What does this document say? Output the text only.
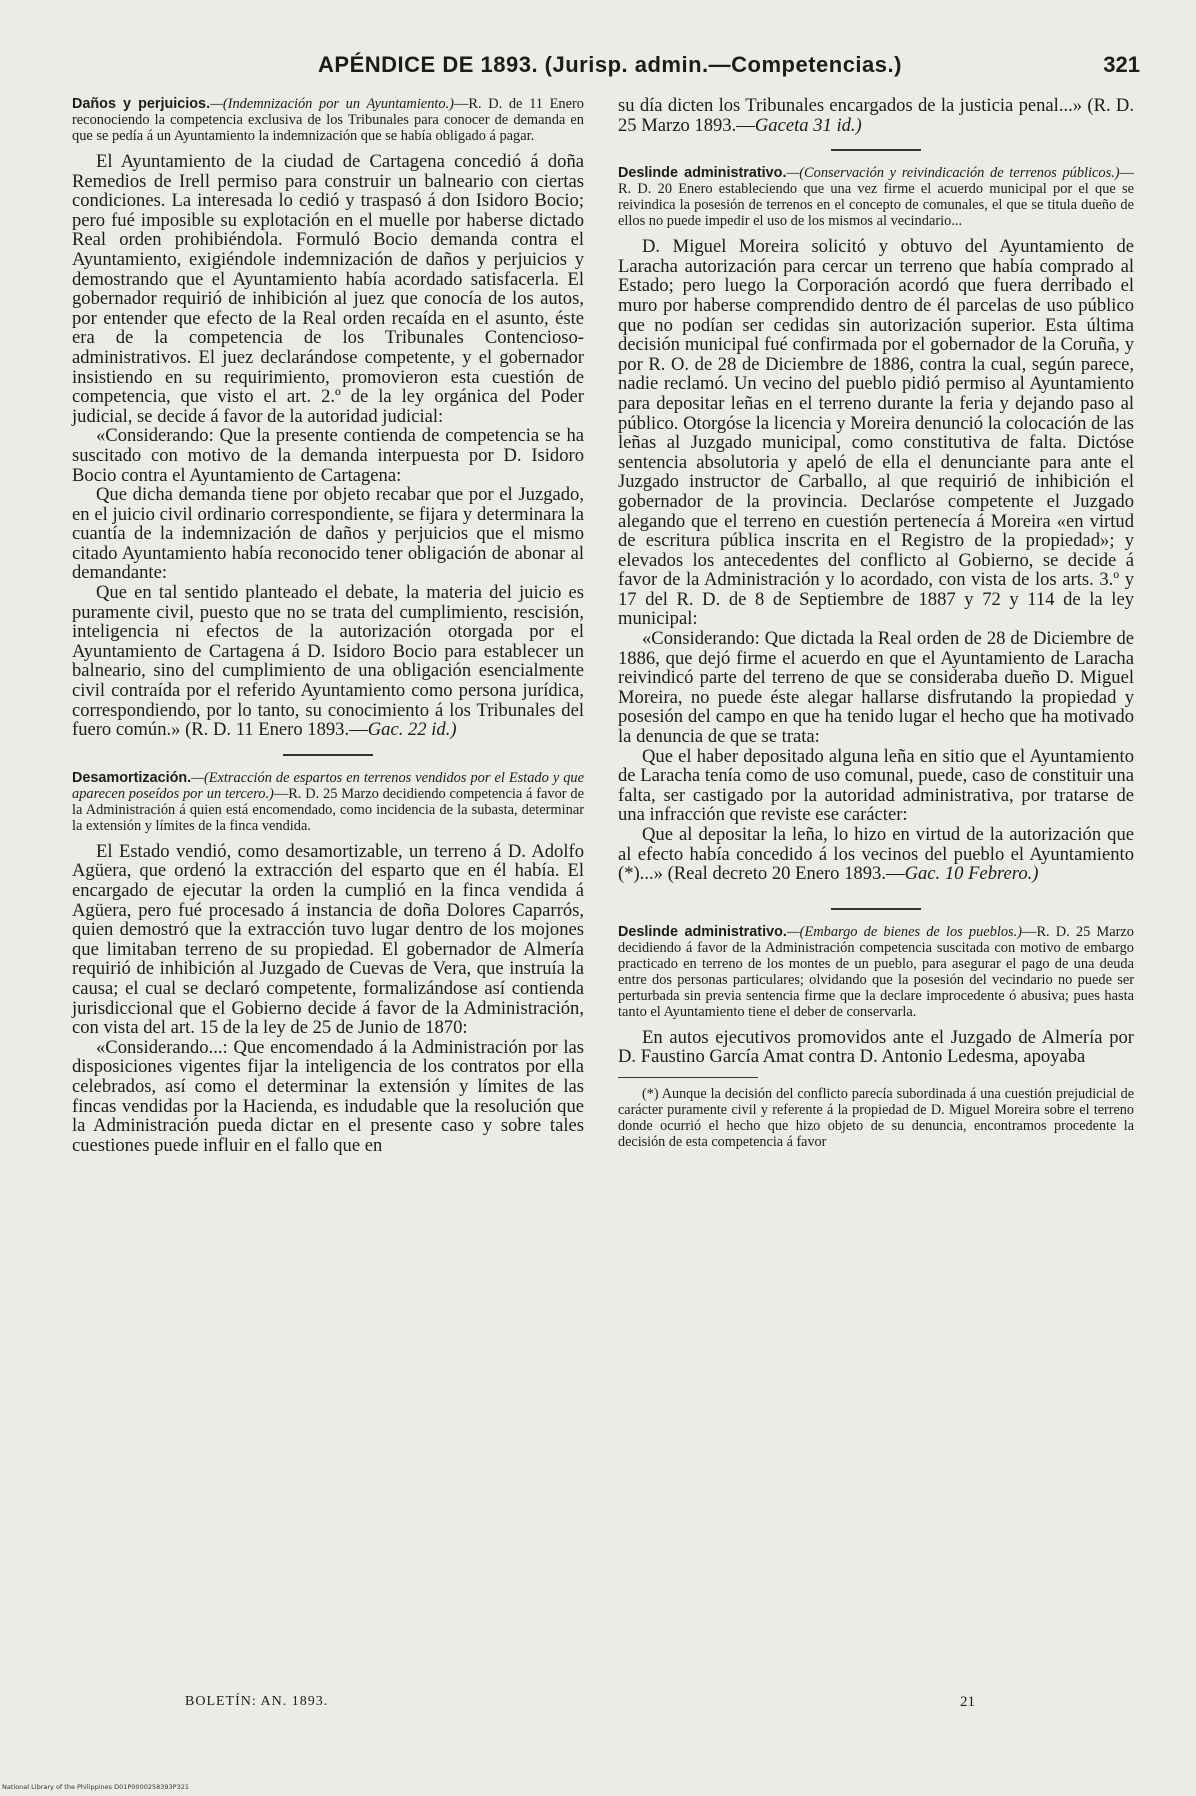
APÉNDICE DE 1893. (Jurisp. admin.—Competencias.)	321

Daños y perjuicios.—(Indemnización por un Ayuntamiento.)—R. D. de 11 Enero reconociendo la competencia exclusiva de los Tribunales para conocer de demanda en que se pedía á un Ayuntamiento la indemnización que se había obligado á pagar.

El Ayuntamiento de la ciudad de Cartagena concedió á doña Remedios de Irell permiso para construir un balneario con ciertas condiciones. La interesada lo cedió y traspasó á don Isidoro Bocio; pero fué imposible su explotación en el muelle por haberse dictado Real orden prohibiéndola. Formuló Bocio demanda contra el Ayuntamiento, exigiéndole indemnización de daños y perjuicios y demostrando que el Ayuntamiento había acordado satisfacerla. El gobernador requirió de inhibición al juez que conocía de los autos, por entender que efecto de la Real orden recaída en el asunto, éste era de la competencia de los Tribunales Contencioso-administrativos. El juez declarándose competente, y el gobernador insistiendo en su requirimiento, promovieron esta cuestión de competencia, que visto el art. 2.º de la ley orgánica del Poder judicial, se decide á favor de la autoridad judicial:

«Considerando: Que la presente contienda de competencia se ha suscitado con motivo de la demanda interpuesta por D. Isidoro Bocio contra el Ayuntamiento de Cartagena:

Que dicha demanda tiene por objeto recabar que por el Juzgado, en el juicio civil ordinario correspondiente, se fijara y determinara la cuantía de la indemnización de daños y perjuicios que el mismo citado Ayuntamiento había reconocido tener obligación de abonar al demandante:

Que en tal sentido planteado el debate, la materia del juicio es puramente civil, puesto que no se trata del cumplimiento, rescisión, inteligencia ni efectos de la autorización otorgada por el Ayuntamiento de Cartagena á D. Isidoro Bocio para establecer un balneario, sino del cumplimiento de una obligación esencialmente civil contraída por el referido Ayuntamiento como persona jurídica, correspondiendo, por lo tanto, su conocimiento á los Tribunales del fuero común.» (R. D. 11 Enero 1893.—Gac. 22 id.)

Desamortización.—(Extracción de espartos en terrenos vendidos por el Estado y que aparecen poseídos por un tercero.)—R. D. 25 Marzo decidiendo competencia á favor de la Administración á quien está encomendado, como incidencia de la subasta, determinar la extensión y límites de la finca vendida.

El Estado vendió, como desamortizable, un terreno á D. Adolfo Agüera, que ordenó la extracción del esparto que en él había. El encargado de ejecutar la orden la cumplió en la finca vendida á Agüera, pero fué procesado á instancia de doña Dolores Caparrós, quien demostró que la extracción tuvo lugar dentro de los mojones que limitaban terreno de su propiedad. El gobernador de Almería requirió de inhibición al Juzgado de Cuevas de Vera, que instruía la causa; el cual se declaró competente, formalizándose así contienda jurisdiccional que el Gobierno decide á favor de la Administración, con vista del art. 15 de la ley de 25 de Junio de 1870:

«Considerando...: Que encomendado á la Administración por las disposiciones vigentes fijar la inteligencia de los contratos por ella celebrados, así como el determinar la extensión y límites de las fincas vendidas por la Hacienda, es indudable que la resolución que la Administración pueda dictar en el presente caso y sobre tales cuestiones puede influir en el fallo que en

su día dicten los Tribunales encargados de la justicia penal...» (R. D. 25 Marzo 1893.—Gaceta 31 id.)

Deslinde administrativo.—(Conservación y reivindicación de terrenos públicos.)—R. D. 20 Enero estableciendo que una vez firme el acuerdo municipal por el que se reivindica la posesión de terrenos en el concepto de comunales, el que se titula dueño de ellos no puede impedir el uso de los mismos al vecindario...

D. Miguel Moreira solicitó y obtuvo del Ayuntamiento de Laracha autorización para cercar un terreno que había comprado al Estado; pero luego la Corporación acordó que fuera derribado el muro por haberse comprendido dentro de él parcelas de uso público que no podían ser cedidas sin autorización superior. Esta última decisión municipal fué confirmada por el gobernador de la Coruña, y por R. O. de 28 de Diciembre de 1886, contra la cual, según parece, nadie reclamó. Un vecino del pueblo pidió permiso al Ayuntamiento para depositar leñas en el terreno durante la feria y dejando paso al público. Otorgóse la licencia y Moreira denunció la colocación de las leñas al Juzgado municipal, como constitutiva de falta. Dictóse sentencia absolutoria y apeló de ella el denunciante para ante el Juzgado instructor de Carballo, al que requirió de inhibición el gobernador de la provincia. Declaróse competente el Juzgado alegando que el terreno en cuestión pertenecía á Moreira «en virtud de escritura pública inscrita en el Registro de la propiedad»; y elevados los antecedentes del conflicto al Gobierno, se decide á favor de la Administración y lo acordado, con vista de los arts. 3.º y 17 del R. D. de 8 de Septiembre de 1887 y 72 y 114 de la ley municipal:

«Considerando: Que dictada la Real orden de 28 de Diciembre de 1886, que dejó firme el acuerdo en que el Ayuntamiento de Laracha reivindicó parte del terreno de que se consideraba dueño D. Miguel Moreira, no puede éste alegar hallarse disfrutando la propiedad y posesión del campo en que ha tenido lugar el hecho que ha motivado la denuncia de que se trata:

Que el haber depositado alguna leña en sitio que el Ayuntamiento de Laracha tenía como de uso comunal, puede, caso de constituir una falta, ser castigado por la autoridad administrativa, por tratarse de una infracción que reviste ese carácter:

Que al depositar la leña, lo hizo en virtud de la autorización que al efecto había concedido á los vecinos del pueblo el Ayuntamiento (*)...» (Real decreto 20 Enero 1893.—Gac. 10 Febrero.)

Deslinde administrativo.—(Embargo de bienes de los pueblos.)—R. D. 25 Marzo decidiendo á favor de la Administración competencia suscitada con motivo de embargo practicado en terreno de los montes de un pueblo, para asegurar el pago de una deuda entre dos personas particulares; olvidando que la posesión del vecindario no puede ser perturbada sin previa sentencia firme que la declare improcedente ó abusiva; pues hasta tanto el Ayuntamiento tiene el deber de conservarla.

En autos ejecutivos promovidos ante el Juzgado de Almería por D. Faustino García Amat contra D. Antonio Ledesma, apoyaba

(*) Aunque la decisión del conflicto parecía subordinada á una cuestión prejudicial de carácter puramente civil y referente á la propiedad de D. Miguel Moreira sobre el terreno donde ocurrió el hecho que hizo objeto de su denuncia, encontramos procedente la decisión de esta competencia á favor

BOLETÍN: AN. 1893.	21
National Library of the Philippines D01P0000258393P321
